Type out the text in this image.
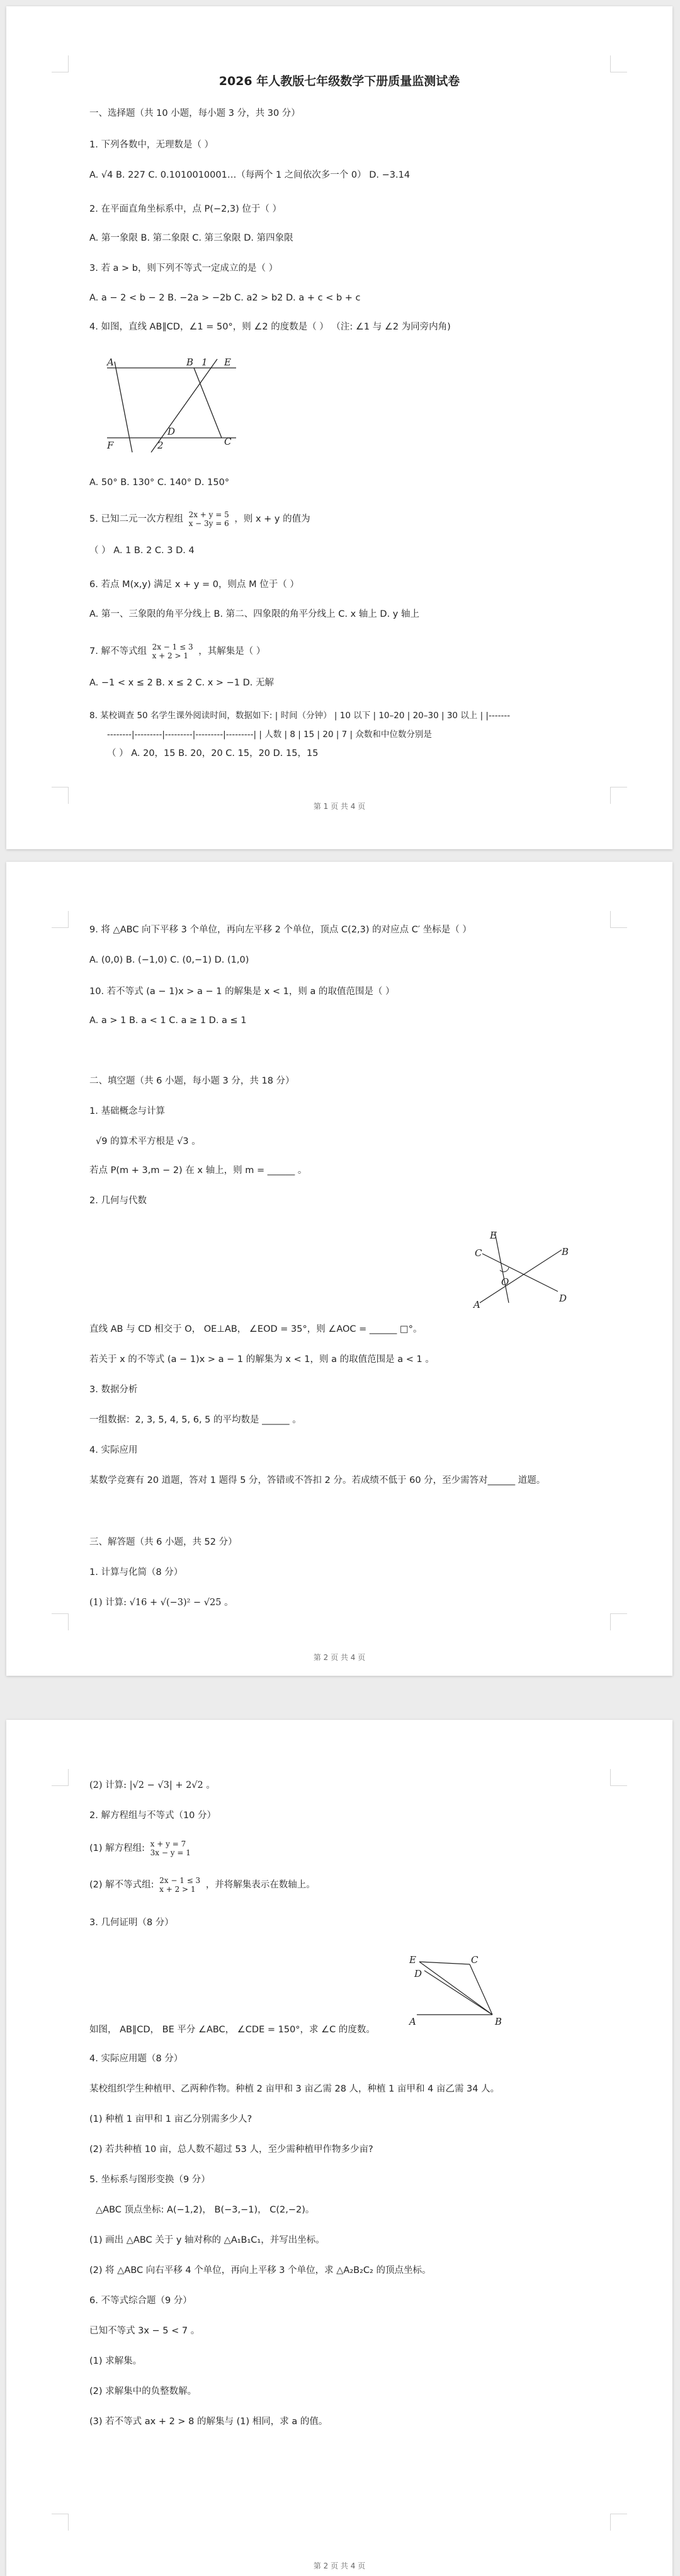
2026 年人教版七年级数学下册质量监测试卷
一、选择题（共 10 小题，每小题 3 分，共 30 分）
1. 下列各数中，无理数是（ ）
A. √4 B. 227 C. 0.1010010001…（每两个 1 之间依次多一个 0） D. −3.14
2. 在平面直角坐标系中，点 P(−2,3) 位于（ ）
A. 第一象限 B. 第二象限 C. 第三象限 D. 第四象限
3. 若 a > b，则下列不等式一定成立的是（ ）
A. a − 2 < b − 2 B. −2a > −2b C. a2 > b2 D. a + c < b + c
4. 如图，直线 AB∥CD，∠1 = 50°，则 ∠2 的度数是（ ） （注: ∠1 与 ∠2 为同旁内角)
A	B 1 E
D
F	2	C
A. 50° B. 130° C. 140° D. 150°
5. 已知二元一次方程组 2x + y = 5
x − 3y = 6 ，则 x + y 的值为
（ ） A. 1 B. 2 C. 3 D. 4
6. 若点 M(x,y) 满足 x + y = 0，则点 M 位于（ ）
A. 第一、三象限的角平分线上 B. 第二、四象限的角平分线上 C. x 轴上 D. y 轴上
7. 解不等式组 2x − 1 ≤ 3
x + 2 > 1	，其解集是（ ）
A. −1 < x ≤ 2 B. x ≤ 2 C. x > −1 D. 无解
8. 某校调查 50 名学生课外阅读时间，数据如下: | 时间（分钟） | 10 以下 | 10–20 | 20–30 | 30 以上 | |-------
--------|---------|---------|---------|---------| | 人数 | 8 | 15 | 20 | 7 | 众数和中位数分别是
（ ） A. 20，15 B. 20，20 C. 15，20 D. 15，15
第 1 页 共 4 页
9. 将 △ABC 向下平移 3 个单位，再向左平移 2 个单位，顶点 C(2,3) 的对应点 C′ 坐标是（ ）
A. (0,0) B. (−1,0) C. (0,−1) D. (1,0)
10. 若不等式 (a − 1)x > a − 1 的解集是 x < 1，则 a 的取值范围是（ ）
A. a > 1 B. a < 1 C. a ≥ 1 D. a ≤ 1
二、填空题（共 6 小题，每小题 3 分，共 18 分）
1. 基础概念与计算
√9 的算术平方根是 √3 。
若点 P(m + 3,m − 2) 在 x 轴上，则 m = ______ 。
2. 几何与代数
E
C	B
A
O
D
直线 AB 与 CD 相交于 O， OE⊥AB， ∠EOD = 35°，则 ∠AOC = ______ □°。
若关于 x 的不等式 (a − 1)x > a − 1 的解集为 x < 1，则 a 的取值范围是 a < 1 。
3. 数据分析
一组数据：2, 3, 5, 4, 5, 6, 5 的平均数是 ______ 。
4. 实际应用
某数学竞赛有 20 道题，答对 1 题得 5 分，答错或不答扣 2 分。若成绩不低于 60 分，至少需答对______ 道题。
三、解答题（共 6 小题，共 52 分）
1. 计算与化简（8 分）
(1) 计算: √16 + √(−3)² − √25 。
第 2 页 共 4 页
(2) 计算: |√2 − √3| + 2√2 。
2. 解方程组与不等式（10 分）
(1) 解方程组: x + y = 7
3x − y = 1
(2) 解不等式组: 2x − 1 ≤ 3
x + 2 > 1	，并将解集表示在数轴上。
3. 几何证明（8 分）
E	C
D
A	B
如图， AB∥CD， BE 平分 ∠ABC， ∠CDE = 150°，求 ∠C 的度数。
4. 实际应用题（8 分）
某校组织学生种植甲、乙两种作物。种植 2 亩甲和 3 亩乙需 28 人，种植 1 亩甲和 4 亩乙需 34 人。
(1) 种植 1 亩甲和 1 亩乙分别需多少人?
(2) 若共种植 10 亩，总人数不超过 53 人，至少需种植甲作物多少亩?
5. 坐标系与图形变换（9 分）
△ABC 顶点坐标: A(−1,2)， B(−3,−1)， C(2,−2)。
(1) 画出 △ABC 关于 y 轴对称的 △A₁B₁C₁，并写出坐标。
(2) 将 △ABC 向右平移 4 个单位，再向上平移 3 个单位，求 △A₂B₂C₂ 的顶点坐标。
6. 不等式综合题（9 分）
已知不等式 3x − 5 < 7 。
(1) 求解集。
(2) 求解集中的负整数解。
(3) 若不等式 ax + 2 > 8 的解集与 (1) 相同，求 a 的值。
第 2 页 共 4 页
